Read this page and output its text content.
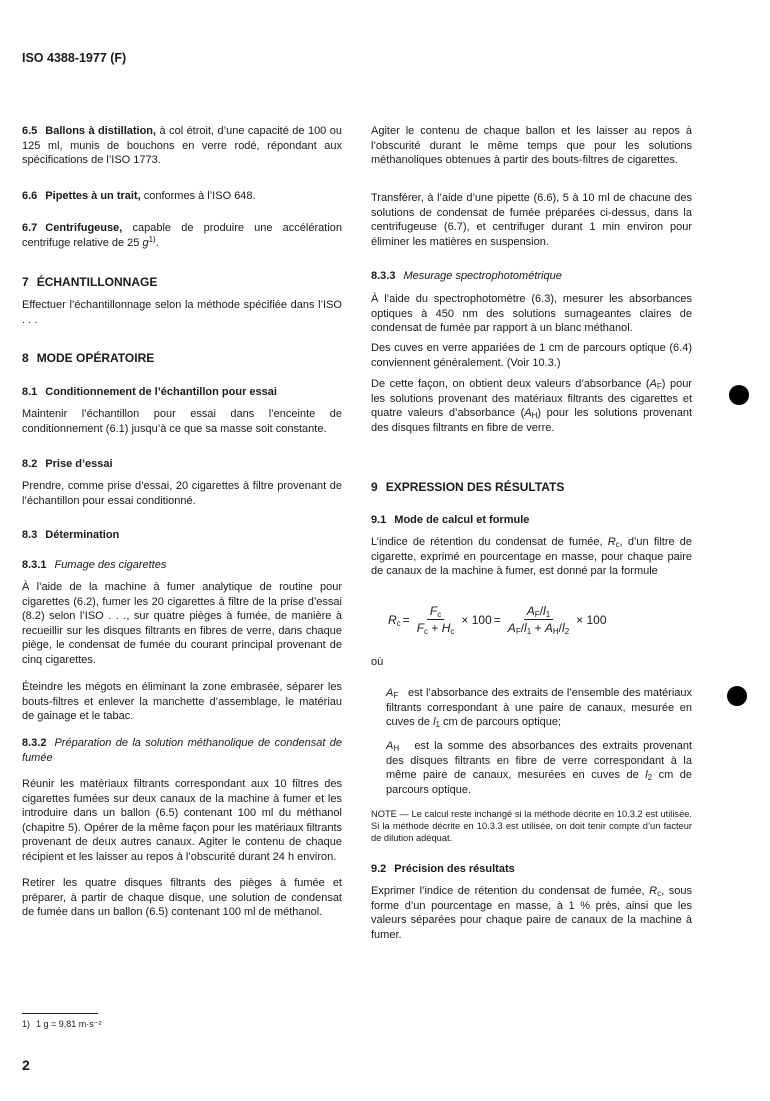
ISO 4388-1977 (F)
6.5 Ballons à distillation, à col étroit, d’une capacité de 100 ou 125 ml, munis de bouchons en verre rodé, répondant aux spécifications de l’ISO 1773.
6.6 Pipettes à un trait, conformes à l’ISO 648.
6.7 Centrifugeuse, capable de produire une accélération centrifuge relative de 25 $g^{1)}$.
7 ÉCHANTILLONNAGE
Effectuer l’échantillonnage selon la méthode spécifiée dans l’ISO . . .
8 MODE OPÉRATOIRE
8.1 Conditionnement de l’échantillon pour essai
Maintenir l’échantillon pour essai dans l’enceinte de conditionnement (6.1) jusqu’à ce que sa masse soit constante.
8.2 Prise d’essai
Prendre, comme prise d’essai, 20 cigarettes à filtre provenant de l’échantillon pour essai conditionné.
8.3 Détermination
8.3.1 Fumage des cigarettes
À l’aide de la machine à fumer analytique de routine pour cigarettes (6.2), fumer les 20 cigarettes à filtre de la prise d’essai (8.2) selon l’ISO . . ., sur quatre pièges à fumée, de manière à recueillir sur les disques filtrants en fibres de verre, dans chaque piège, le condensat de fumée du courant principal provenant de cinq cigarettes.
Éteindre les mégots en éliminant la zone embrasée, séparer les bouts-filtres et enlever la manchette d’assemblage, le matériau de gainage et le tabac.
8.3.2 Préparation de la solution méthanolique de condensat de fumée
Réunir les matériaux filtrants correspondant aux 10 filtres des cigarettes fumées sur deux canaux de la machine à fumer et les introduire dans un ballon (6.5) contenant 100 ml du méthanol (chapitre 5). Opérer de la même façon pour les matériaux filtrants provenant de deux autres canaux. Agiter le contenu de chaque récipient et les laisser au repos à l’obscurité durant 24 h environ.
Retirer les quatre disques filtrants des pièges à fumée et préparer, à partir de chaque disque, une solution de condensat de fumée dans un ballon (6.5) contenant 100 ml de méthanol.
1) 1 g = 9,81 m·s⁻²
2
Agiter le contenu de chaque ballon et les laisser au repos à l’obscurité durant le même temps que pour les solutions méthanoliques obtenues à partir des bouts-filtres de cigarettes.
Transférer, à l’aide d’une pipette (6.6), 5 à 10 ml de chacune des solutions de condensat de fumée préparées ci-dessus, dans la centrifugeuse (6.7), et centrifuger durant 1 min environ pour éliminer les matières en suspension.
8.3.3 Mesurage spectrophotométrique
À l’aide du spectrophotomètre (6.3), mesurer les absorbances optiques à 450 nm des solutions surnageantes claires de condensat de fumée par rapport à un blanc méthanol.
Des cuves en verre appariées de 1 cm de parcours optique (6.4) conviennent généralement. (Voir 10.3.)
De cette façon, on obtient deux valeurs d’absorbance $(A_F)$ pour les solutions provenant des matériaux filtrants des cigarettes et quatre valeurs d’absorbance $(A_H)$ pour les solutions provenant des disques filtrants en fibre de verre.
9 EXPRESSION DES RÉSULTATS
9.1 Mode de calcul et formule
L’indice de rétention du condensat de fumée, $R_c$, d’un filtre de cigarette, exprimé en pourcentage en masse, pour chaque paire de canaux de la machine à fumer, est donné par la formule
$R_c = \frac{F_c}{F_c + H_c} \times 100 = \frac{A_F/l_1}{A_F/l_1 + A_H/l_2} \times 100$
où
$A_F$ est l’absorbance des extraits de l’ensemble des matériaux filtrants correspondant à une paire de canaux, mesurée en cuves de $l_1$ cm de parcours optique;
$A_H$ est la somme des absorbances des extraits provenant des disques filtrants en fibre de verre correspondant à la même paire de canaux, mesurées en cuves de $l_2$ cm de parcours optique.
NOTE — Le calcul reste inchangé si la méthode décrite en 10.3.2 est utilisée. Si la méthode décrite en 10.3.3 est utilisée, on doit tenir compte d’un facteur de dilution adéquat.
9.2 Précision des résultats
Exprimer l’indice de rétention du condensat de fumée, $R_c$, sous forme d’un pourcentage en masse, à 1 % près, ainsi que les valeurs séparées pour chaque paire de canaux de la machine à fumer.
